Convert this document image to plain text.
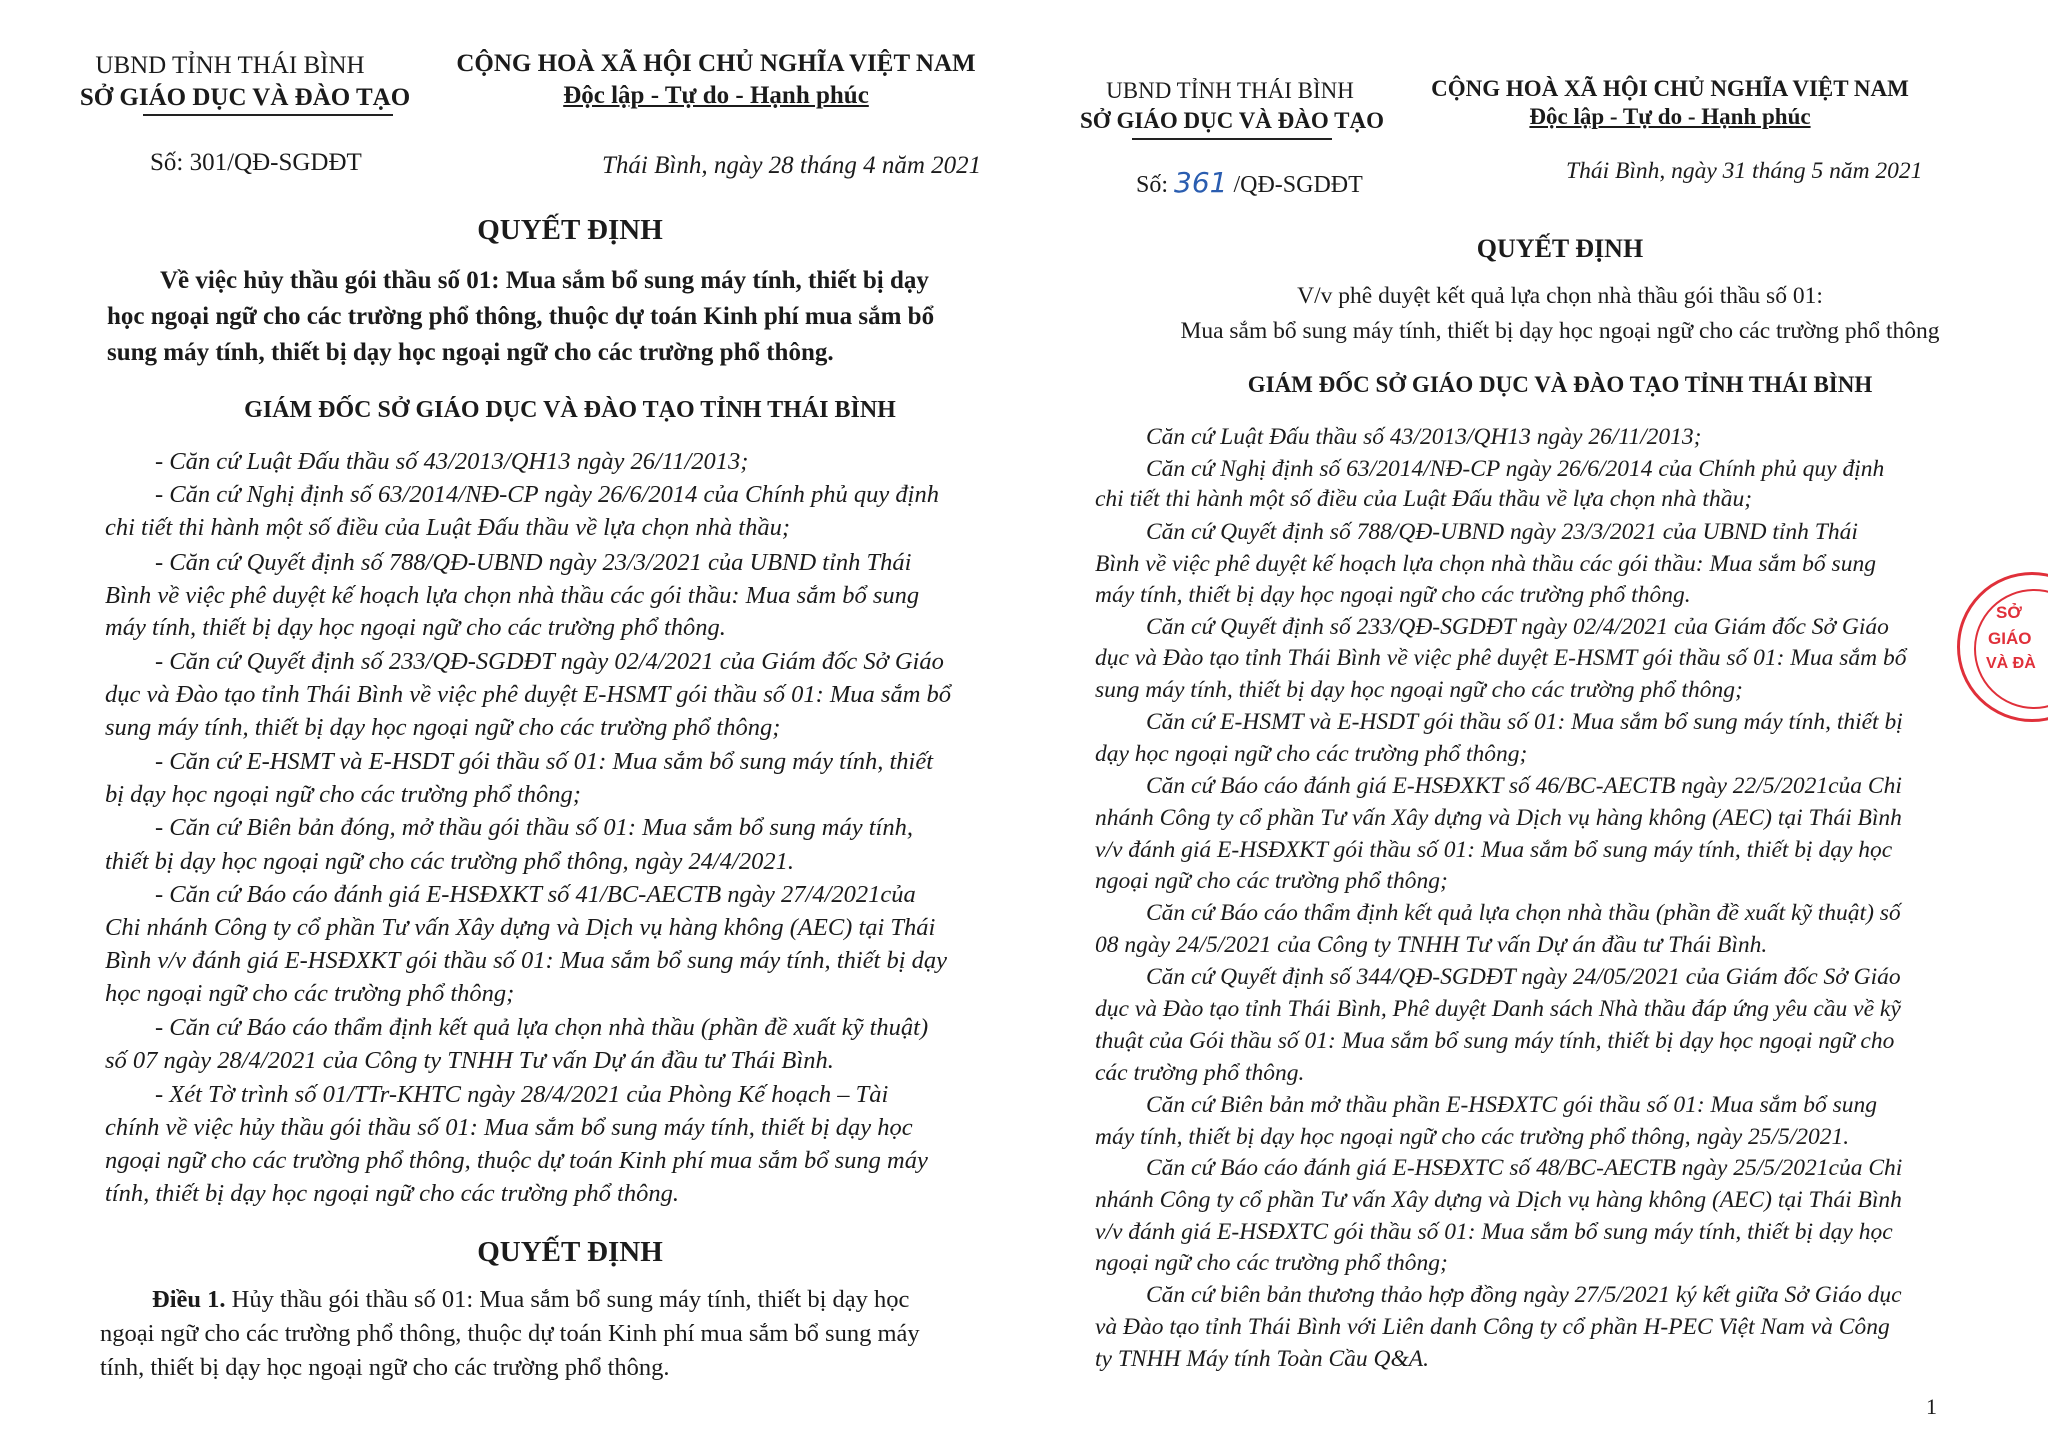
UBND TỈNH THÁI BÌNH
SỞ GIÁO DỤC VÀ ĐÀO TẠO
CỘNG HOÀ XÃ HỘI CHỦ NGHĨA VIỆT NAM
Độc lập - Tự do - Hạnh phúc
Số: 301/QĐ-SGDĐT	Thái Bình, ngày 28 tháng 4 năm 2021
QUYẾT ĐỊNH
Về việc hủy thầu gói thầu số 01: Mua sắm bổ sung máy tính, thiết bị dạy
học ngoại ngữ cho các trường phổ thông, thuộc dự toán Kinh phí mua sắm bổ
sung máy tính, thiết bị dạy học ngoại ngữ cho các trường phổ thông.
GIÁM ĐỐC SỞ GIÁO DỤC VÀ ĐÀO TẠO TỈNH THÁI BÌNH
- Căn cứ Luật Đấu thầu số 43/2013/QH13 ngày 26/11/2013;
- Căn cứ Nghị định số 63/2014/NĐ-CP ngày 26/6/2014 của Chính phủ quy định
chi tiết thi hành một số điều của Luật Đấu thầu về lựa chọn nhà thầu;
- Căn cứ Quyết định số 788/QĐ-UBND ngày 23/3/2021 của UBND tỉnh Thái
Bình về việc phê duyệt kế hoạch lựa chọn nhà thầu các gói thầu: Mua sắm bổ sung
máy tính, thiết bị dạy học ngoại ngữ cho các trường phổ thông.
- Căn cứ Quyết định số 233/QĐ-SGDĐT ngày 02/4/2021 của Giám đốc Sở Giáo
dục và Đào tạo tỉnh Thái Bình về việc phê duyệt E-HSMT gói thầu số 01: Mua sắm bổ
sung máy tính, thiết bị dạy học ngoại ngữ cho các trường phổ thông;
- Căn cứ E-HSMT và E-HSDT gói thầu số 01: Mua sắm bổ sung máy tính, thiết
bị dạy học ngoại ngữ cho các trường phổ thông;
- Căn cứ Biên bản đóng, mở thầu gói thầu số 01: Mua sắm bổ sung máy tính,
thiết bị dạy học ngoại ngữ cho các trường phổ thông, ngày 24/4/2021.
- Căn cứ Báo cáo đánh giá E-HSĐXKT số 41/BC-AECTB ngày 27/4/2021của
Chi nhánh Công ty cổ phần Tư vấn Xây dựng và Dịch vụ hàng không (AEC) tại Thái
Bình v/v đánh giá E-HSĐXKT gói thầu số 01: Mua sắm bổ sung máy tính, thiết bị dạy
học ngoại ngữ cho các trường phổ thông;
- Căn cứ Báo cáo thẩm định kết quả lựa chọn nhà thầu (phần đề xuất kỹ thuật)
số 07 ngày 28/4/2021 của Công ty TNHH Tư vấn Dự án đầu tư Thái Bình.
- Xét Tờ trình số 01/TTr-KHTC ngày 28/4/2021 của Phòng Kế hoạch – Tài
chính về việc hủy thầu gói thầu số 01: Mua sắm bổ sung máy tính, thiết bị dạy học
ngoại ngữ cho các trường phổ thông, thuộc dự toán Kinh phí mua sắm bổ sung máy
tính, thiết bị dạy học ngoại ngữ cho các trường phổ thông.
QUYẾT ĐỊNH
Điều 1. Hủy thầu gói thầu số 01: Mua sắm bổ sung máy tính, thiết bị dạy học
ngoại ngữ cho các trường phổ thông, thuộc dự toán Kinh phí mua sắm bổ sung máy
tính, thiết bị dạy học ngoại ngữ cho các trường phổ thông.
UBND TỈNH THÁI BÌNH
SỞ GIÁO DỤC VÀ ĐÀO TẠO
CỘNG HOÀ XÃ HỘI CHỦ NGHĨA VIỆT NAM
Độc lập - Tự do - Hạnh phúc
Số: 361 /QĐ-SGDĐT
Thái Bình, ngày 31 tháng 5 năm 2021
QUYẾT ĐỊNH
V/v phê duyệt kết quả lựa chọn nhà thầu gói thầu số 01:
Mua sắm bổ sung máy tính, thiết bị dạy học ngoại ngữ cho các trường phổ thông
GIÁM ĐỐC SỞ GIÁO DỤC VÀ ĐÀO TẠO TỈNH THÁI BÌNH
Căn cứ Luật Đấu thầu số 43/2013/QH13 ngày 26/11/2013;
Căn cứ Nghị định số 63/2014/NĐ-CP ngày 26/6/2014 của Chính phủ quy định
chi tiết thi hành một số điều của Luật Đấu thầu về lựa chọn nhà thầu;
Căn cứ Quyết định số 788/QĐ-UBND ngày 23/3/2021 của UBND tỉnh Thái
Bình về việc phê duyệt kế hoạch lựa chọn nhà thầu các gói thầu: Mua sắm bổ sung
máy tính, thiết bị dạy học ngoại ngữ cho các trường phổ thông.
Căn cứ Quyết định số 233/QĐ-SGDĐT ngày 02/4/2021 của Giám đốc Sở Giáo
dục và Đào tạo tỉnh Thái Bình về việc phê duyệt E-HSMT gói thầu số 01: Mua sắm bổ
sung máy tính, thiết bị dạy học ngoại ngữ cho các trường phổ thông;
Căn cứ E-HSMT và E-HSDT gói thầu số 01: Mua sắm bổ sung máy tính, thiết bị
dạy học ngoại ngữ cho các trường phổ thông;
Căn cứ Báo cáo đánh giá E-HSĐXKT số 46/BC-AECTB ngày 22/5/2021của Chi
nhánh Công ty cổ phần Tư vấn Xây dựng và Dịch vụ hàng không (AEC) tại Thái Bình
v/v đánh giá E-HSĐXKT gói thầu số 01: Mua sắm bổ sung máy tính, thiết bị dạy học
ngoại ngữ cho các trường phổ thông;
Căn cứ Báo cáo thẩm định kết quả lựa chọn nhà thầu (phần đề xuất kỹ thuật) số
08 ngày 24/5/2021 của Công ty TNHH Tư vấn Dự án đầu tư Thái Bình.
Căn cứ Quyết định số 344/QĐ-SGDĐT ngày 24/05/2021 của Giám đốc Sở Giáo
dục và Đào tạo tỉnh Thái Bình, Phê duyệt Danh sách Nhà thầu đáp ứng yêu cầu về kỹ
thuật của Gói thầu số 01: Mua sắm bổ sung máy tính, thiết bị dạy học ngoại ngữ cho
các trường phổ thông.
Căn cứ Biên bản mở thầu phần E-HSĐXTC gói thầu số 01: Mua sắm bổ sung
máy tính, thiết bị dạy học ngoại ngữ cho các trường phổ thông, ngày 25/5/2021.
Căn cứ Báo cáo đánh giá E-HSĐXTC số 48/BC-AECTB ngày 25/5/2021của Chi
nhánh Công ty cổ phần Tư vấn Xây dựng và Dịch vụ hàng không (AEC) tại Thái Bình
v/v đánh giá E-HSĐXTC gói thầu số 01: Mua sắm bổ sung máy tính, thiết bị dạy học
ngoại ngữ cho các trường phổ thông;
Căn cứ biên bản thương thảo hợp đồng ngày 27/5/2021 ký kết giữa Sở Giáo dục
và Đào tạo tỉnh Thái Bình với Liên danh Công ty cổ phần H-PEC Việt Nam và Công
ty TNHH Máy tính Toàn Cầu Q&A.
1
SỞ
GIÁO
VÀ ĐÀ
